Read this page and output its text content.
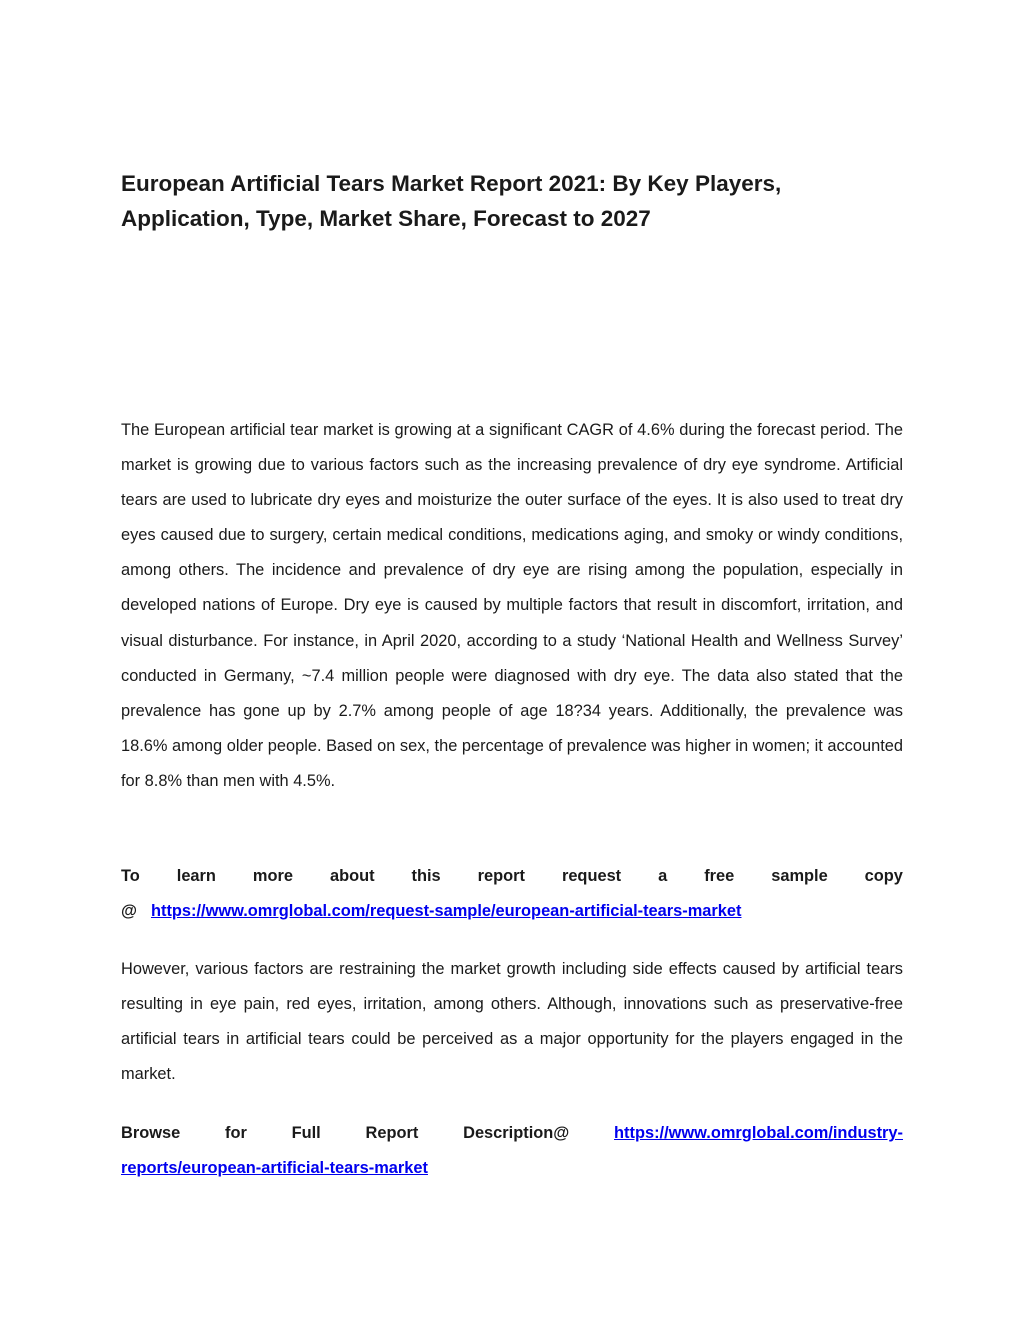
European Artificial Tears Market Report 2021: By Key Players, Application, Type, Market Share, Forecast to 2027

The European artificial tear market is growing at a significant CAGR of 4.6% during the forecast period. The market is growing due to various factors such as the increasing prevalence of dry eye syndrome. Artificial tears are used to lubricate dry eyes and moisturize the outer surface of the eyes. It is also used to treat dry eyes caused due to surgery, certain medical conditions, medications aging, and smoky or windy conditions, among others. The incidence and prevalence of dry eye are rising among the population, especially in developed nations of Europe. Dry eye is caused by multiple factors that result in discomfort, irritation, and visual disturbance. For instance, in April 2020, according to a study ‘National Health and Wellness Survey’ conducted in Germany, ~7.4 million people were diagnosed with dry eye. The data also stated that the prevalence has gone up by 2.7% among people of age 18?34 years. Additionally, the prevalence was 18.6% among older people. Based on sex, the percentage of prevalence was higher in women; it accounted for 8.8% than men with 4.5%.

To learn more about this report request a free sample copy
@ https://www.omrglobal.com/request-sample/european-artificial-tears-market

However, various factors are restraining the market growth including side effects caused by artificial tears resulting in eye pain, red eyes, irritation, among others. Although, innovations such as preservative-free artificial tears in artificial tears could be perceived as a major opportunity for the players engaged in the market.

Browse	for	Full	Report	Description@	https://www.omrglobal.com/industry-
reports/european-artificial-tears-market
